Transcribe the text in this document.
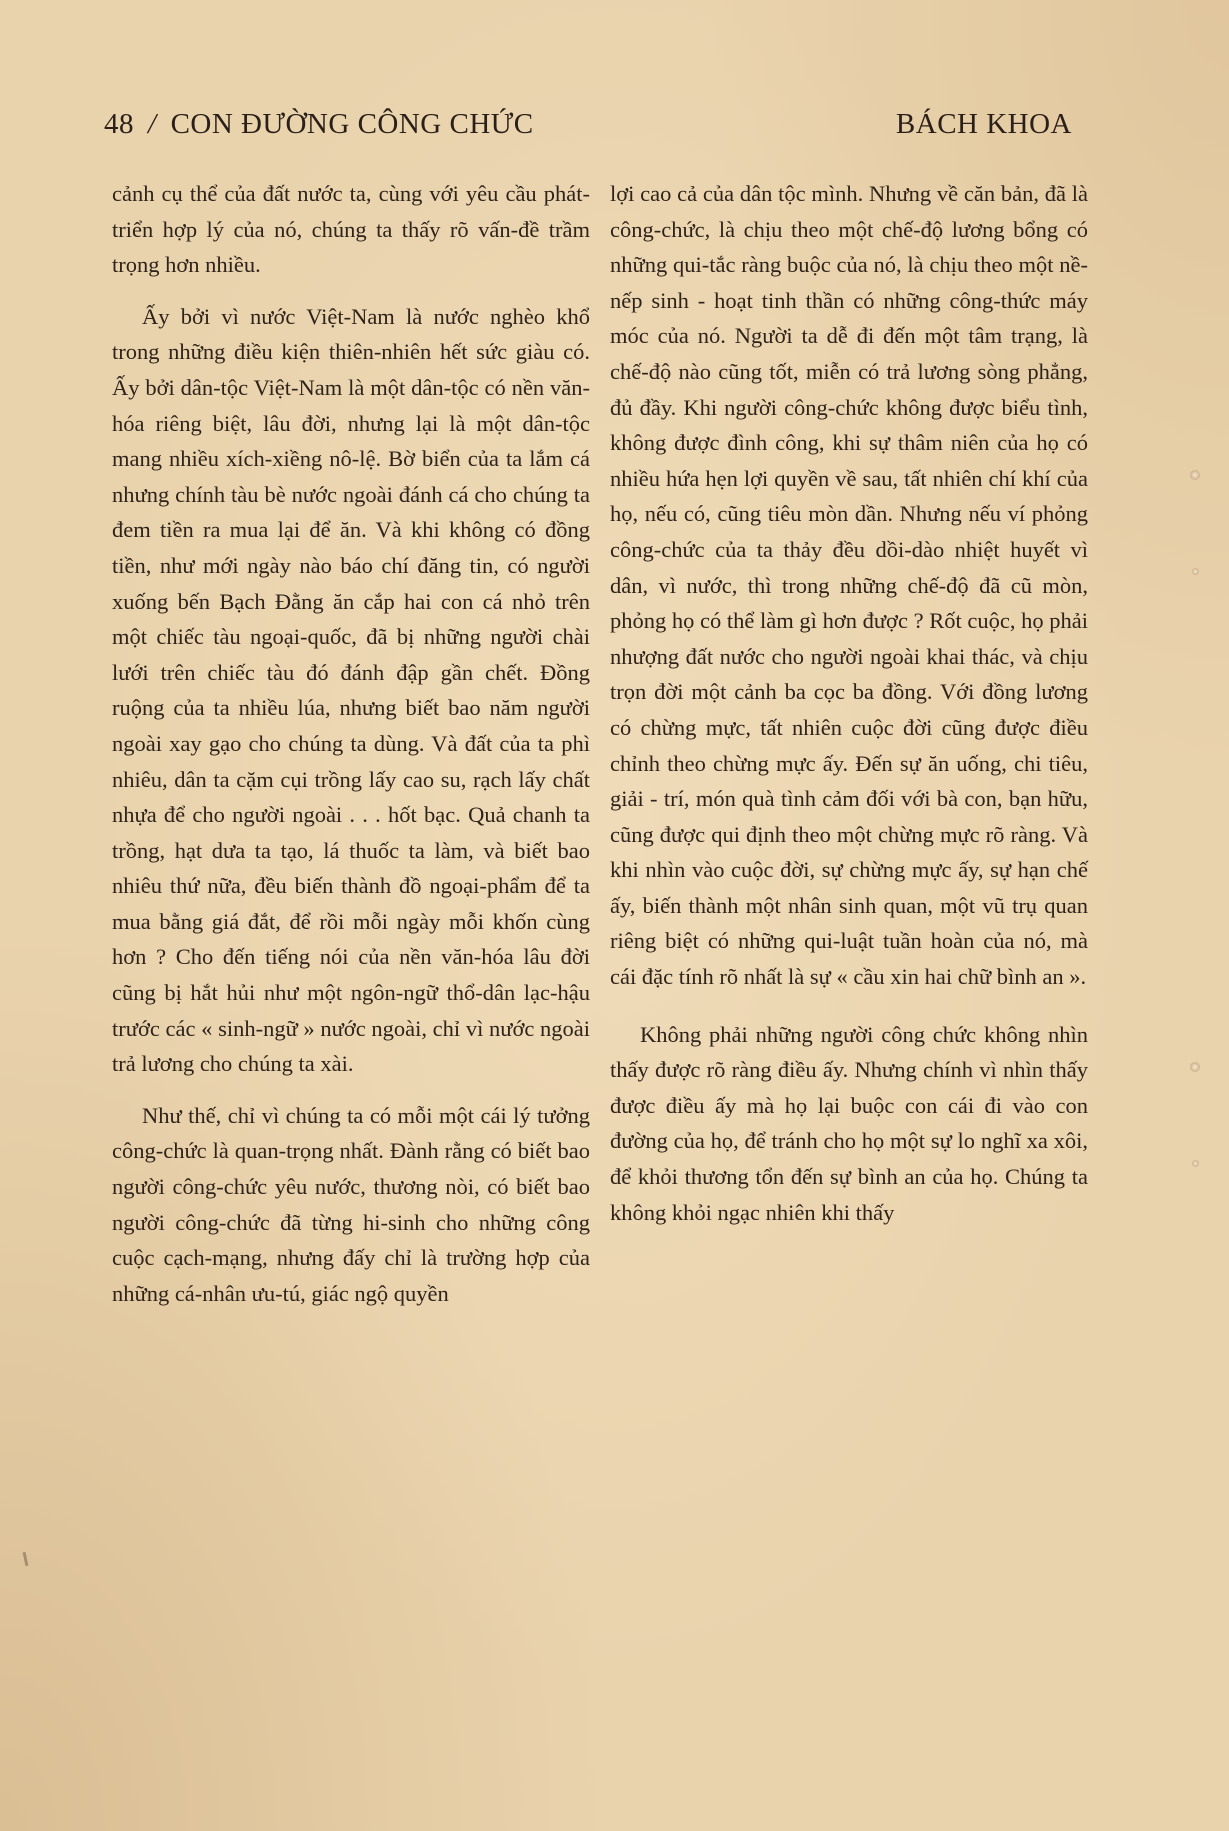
48 / CON ĐƯỜNG CÔNG CHỨC	BÁCH KHOA

cảnh cụ thể của đất nước ta, cùng với yêu cầu phát-triển hợp lý của nó, chúng ta thấy rõ vấn-đề trầm trọng hơn nhiều.

Ấy bởi vì nước Việt-Nam là nước nghèo khổ trong những điều kiện thiên-nhiên hết sức giàu có. Ấy bởi dân-tộc Việt-Nam là một dân-tộc có nền văn-hóa riêng biệt, lâu đời, nhưng lại là một dân-tộc mang nhiều xích-xiềng nô-lệ. Bờ biển của ta lắm cá nhưng chính tàu bè nước ngoài đánh cá cho chúng ta đem tiền ra mua lại để ăn. Và khi không có đồng tiền, như mới ngày nào báo chí đăng tin, có người xuống bến Bạch Đằng ăn cắp hai con cá nhỏ trên một chiếc tàu ngoại-quốc, đã bị những người chài lưới trên chiếc tàu đó đánh đập gần chết. Đồng ruộng của ta nhiều lúa, nhưng biết bao năm người ngoài xay gạo cho chúng ta dùng. Và đất của ta phì nhiêu, dân ta cặm cụi trồng lấy cao su, rạch lấy chất nhựa để cho người ngoài . . . hốt bạc. Quả chanh ta trồng, hạt dưa ta tạo, lá thuốc ta làm, và biết bao nhiêu thứ nữa, đều biến thành đồ ngoại-phẩm để ta mua bằng giá đắt, để rồi mỗi ngày mỗi khốn cùng hơn ? Cho đến tiếng nói của nền văn-hóa lâu đời cũng bị hắt hủi như một ngôn-ngữ thổ-dân lạc-hậu trước các « sinh-ngữ » nước ngoài, chỉ vì nước ngoài trả lương cho chúng ta xài.

Như thế, chỉ vì chúng ta có mỗi một cái lý tưởng công-chức là quan-trọng nhất. Đành rằng có biết bao người công-chức yêu nước, thương nòi, có biết bao người công-chức đã từng hi-sinh cho những công cuộc cạch-mạng, nhưng đấy chỉ là trường hợp của những cá-nhân ưu-tú, giác ngộ quyền

lợi cao cả của dân tộc mình. Nhưng về căn bản, đã là công-chức, là chịu theo một chế-độ lương bổng có những qui-tắc ràng buộc của nó, là chịu theo một nề-nếp sinh - hoạt tinh thần có những công-thức máy móc của nó. Người ta dễ đi đến một tâm trạng, là chế-độ nào cũng tốt, miễn có trả lương sòng phẳng, đủ đầy. Khi người công-chức không được biểu tình, không được đình công, khi sự thâm niên của họ có nhiều hứa hẹn lợi quyền về sau, tất nhiên chí khí của họ, nếu có, cũng tiêu mòn dần. Nhưng nếu ví phỏng công-chức của ta thảy đều dồi-dào nhiệt huyết vì dân, vì nước, thì trong những chế-độ đã cũ mòn, phỏng họ có thể làm gì hơn được ? Rốt cuộc, họ phải nhượng đất nước cho người ngoài khai thác, và chịu trọn đời một cảnh ba cọc ba đồng. Với đồng lương có chừng mực, tất nhiên cuộc đời cũng được điều chỉnh theo chừng mực ấy. Đến sự ăn uống, chi tiêu, giải - trí, món quà tình cảm đối với bà con, bạn hữu, cũng được qui định theo một chừng mực rõ ràng. Và khi nhìn vào cuộc đời, sự chừng mực ấy, sự hạn chế ấy, biến thành một nhân sinh quan, một vũ trụ quan riêng biệt có những qui-luật tuần hoàn của nó, mà cái đặc tính rõ nhất là sự « cầu xin hai chữ bình an ».

Không phải những người công chức không nhìn thấy được rõ ràng điều ấy. Nhưng chính vì nhìn thấy được điều ấy mà họ lại buộc con cái đi vào con đường của họ, để tránh cho họ một sự lo nghĩ xa xôi, để khỏi thương tổn đến sự bình an của họ. Chúng ta không khỏi ngạc nhiên khi thấy
